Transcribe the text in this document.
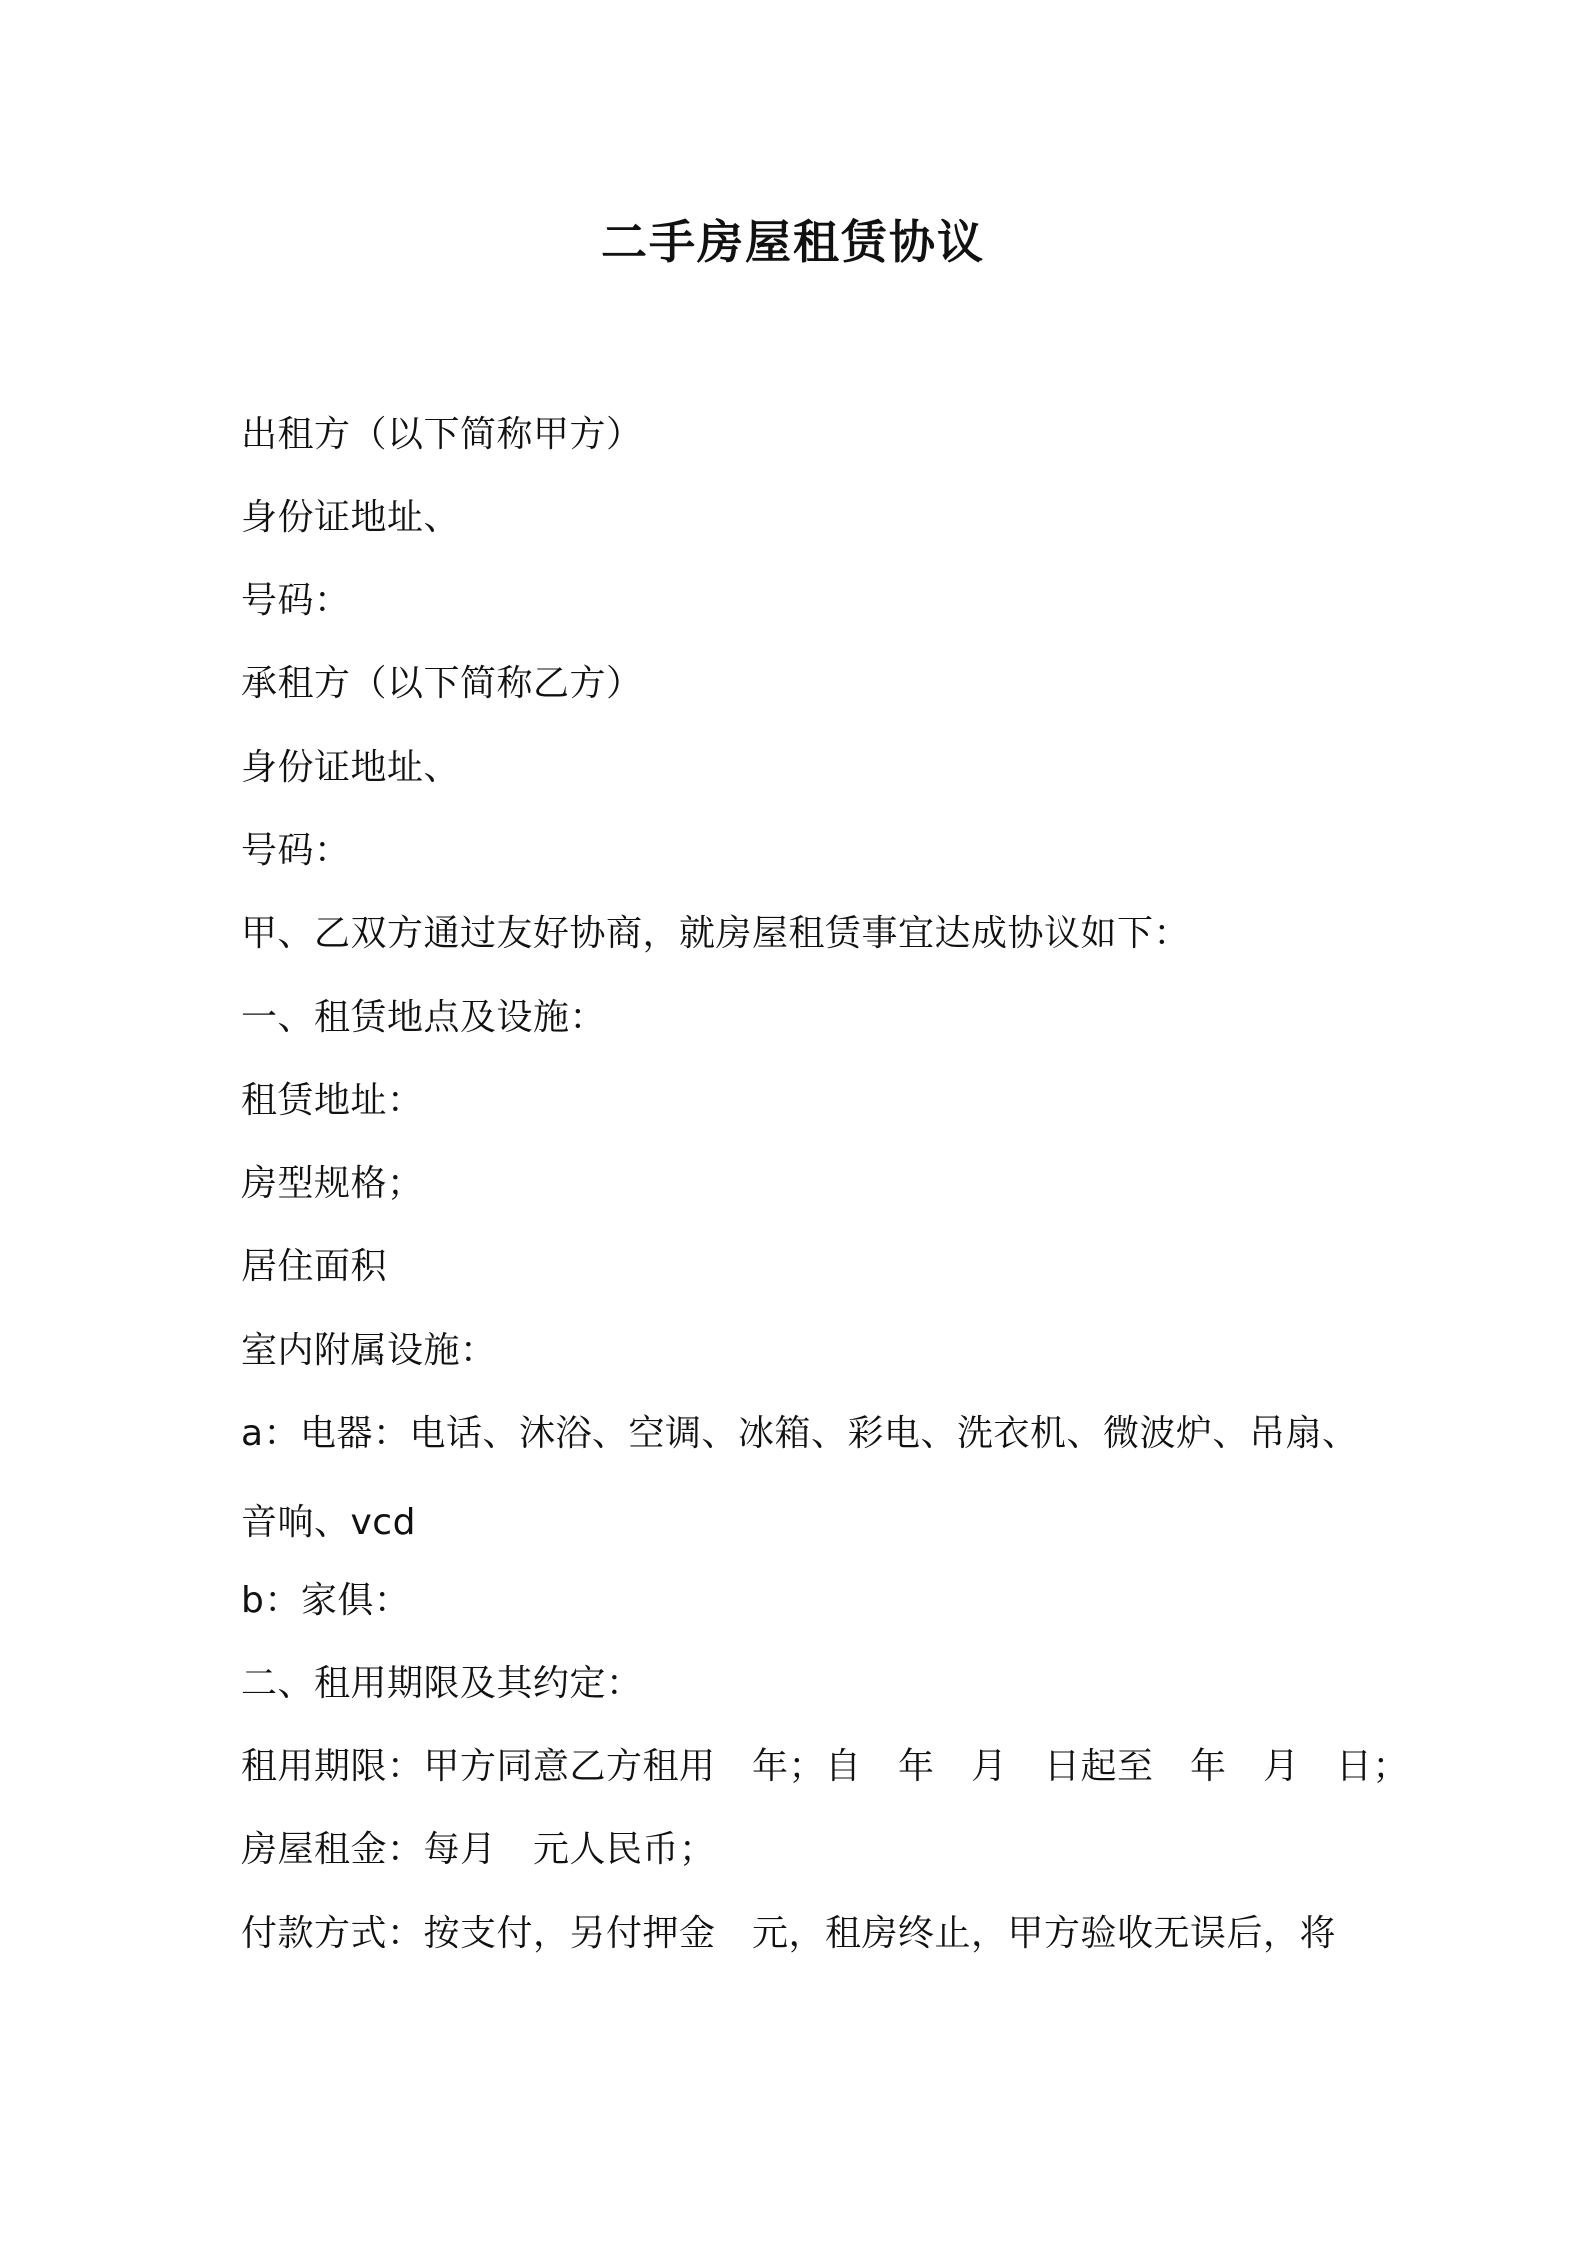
二手房屋租赁协议

出租方（以下简称甲方）

身份证地址、

号码：

承租方（以下简称乙方）

身份证地址、

号码：

甲、乙双方通过友好协商，就房屋租赁事宜达成协议如下：

一、租赁地点及设施：

租赁地址：

房型规格；

居住面积

室内附属设施：

a：电器：电话、沐浴、空调、冰箱、彩电、洗衣机、微波炉、吊扇、

音响、vcd

b：家俱：

二、租用期限及其约定：

租用期限：甲方同意乙方租用　年；自　年　月　日起至　年　月　日；

房屋租金：每月　元人民币；

付款方式：按支付，另付押金　元，租房终止，甲方验收无误后，将
